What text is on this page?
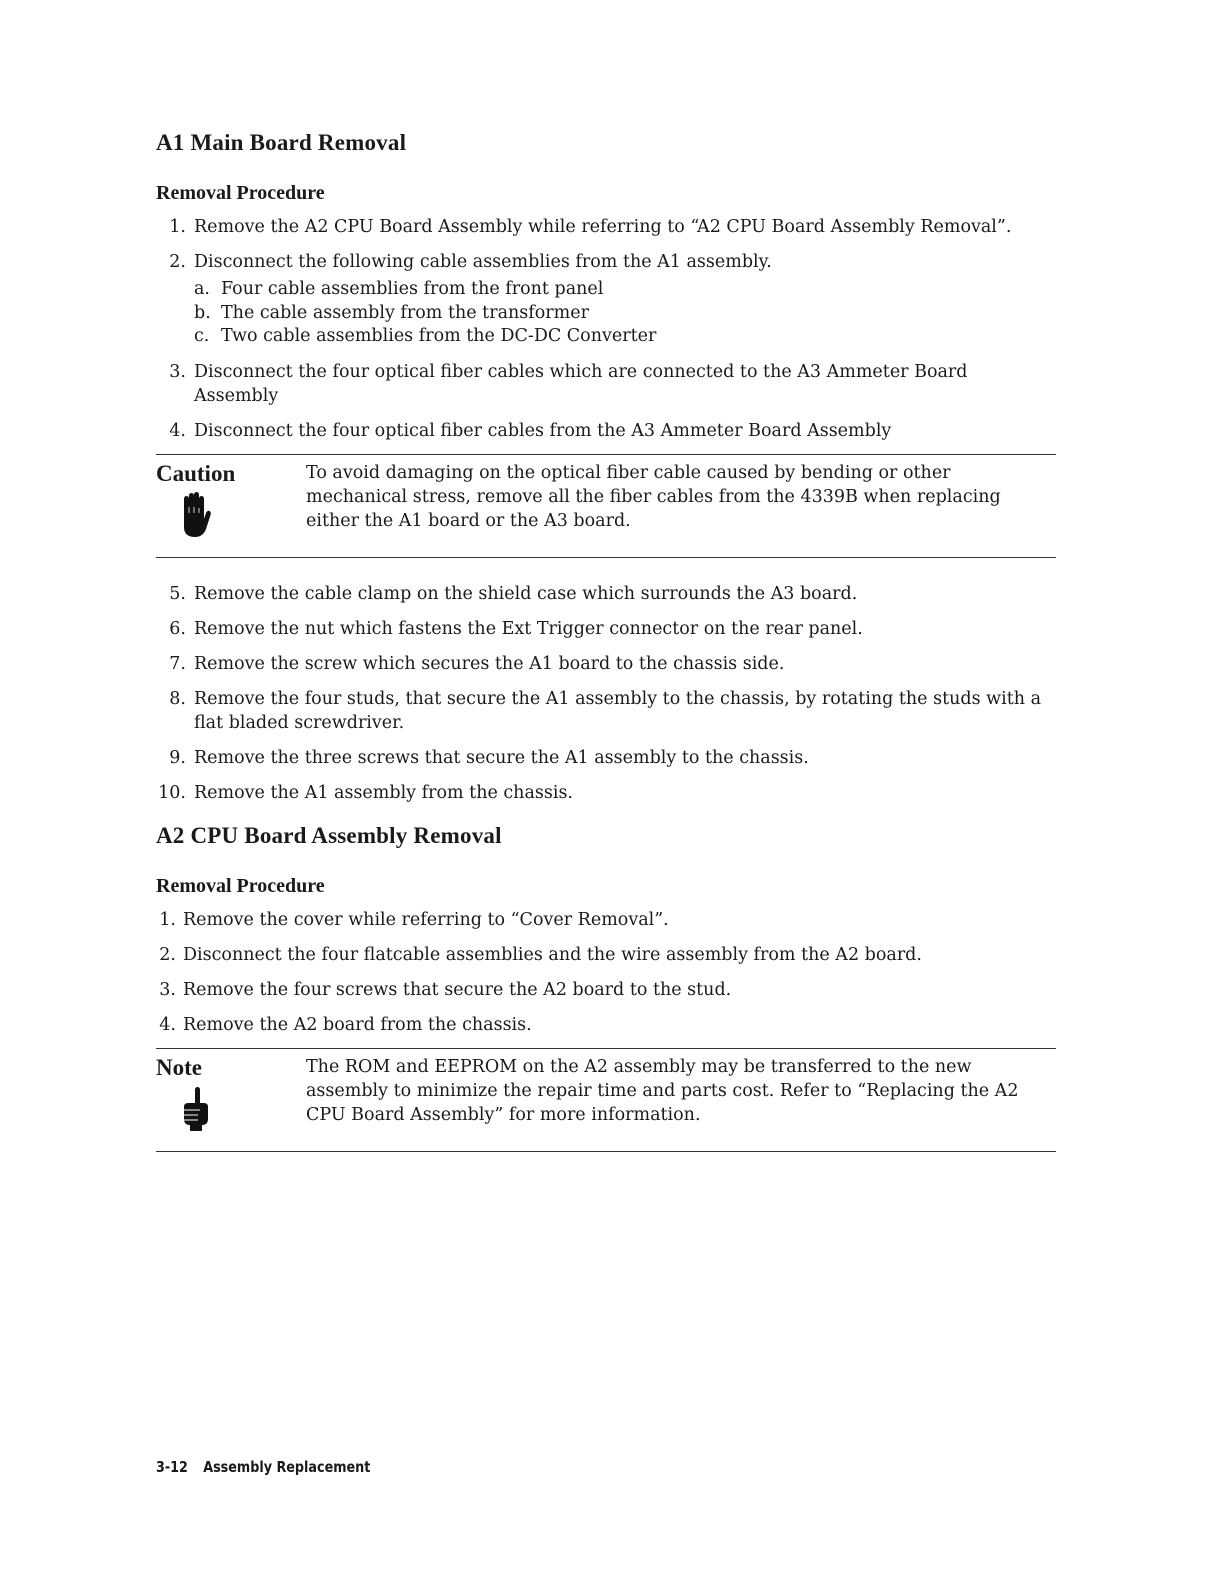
A1 Main Board Removal
Removal Procedure
1. Remove the A2 CPU Board Assembly while referring to “A2 CPU Board Assembly Removal”.
2. Disconnect the following cable assemblies from the A1 assembly.
a. Four cable assemblies from the front panel
b. The cable assembly from the transformer
c. Two cable assemblies from the DC-DC Converter
3. Disconnect the four optical fiber cables which are connected to the A3 Ammeter Board Assembly
4. Disconnect the four optical fiber cables from the A3 Ammeter Board Assembly
Caution	To avoid damaging on the optical fiber cable caused by bending or other mechanical stress, remove all the fiber cables from the 4339B when replacing either the A1 board or the A3 board.
5. Remove the cable clamp on the shield case which surrounds the A3 board.
6. Remove the nut which fastens the Ext Trigger connector on the rear panel.
7. Remove the screw which secures the A1 board to the chassis side.
8. Remove the four studs, that secure the A1 assembly to the chassis, by rotating the studs with a flat bladed screwdriver.
9. Remove the three screws that secure the A1 assembly to the chassis.
10. Remove the A1 assembly from the chassis.
A2 CPU Board Assembly Removal
Removal Procedure
1. Remove the cover while referring to “Cover Removal”.
2. Disconnect the four flatcable assemblies and the wire assembly from the A2 board.
3. Remove the four screws that secure the A2 board to the stud.
4. Remove the A2 board from the chassis.
Note	The ROM and EEPROM on the A2 assembly may be transferred to the new assembly to minimize the repair time and parts cost. Refer to “Replacing the A2 CPU Board Assembly” for more information.
3-12 Assembly Replacement
